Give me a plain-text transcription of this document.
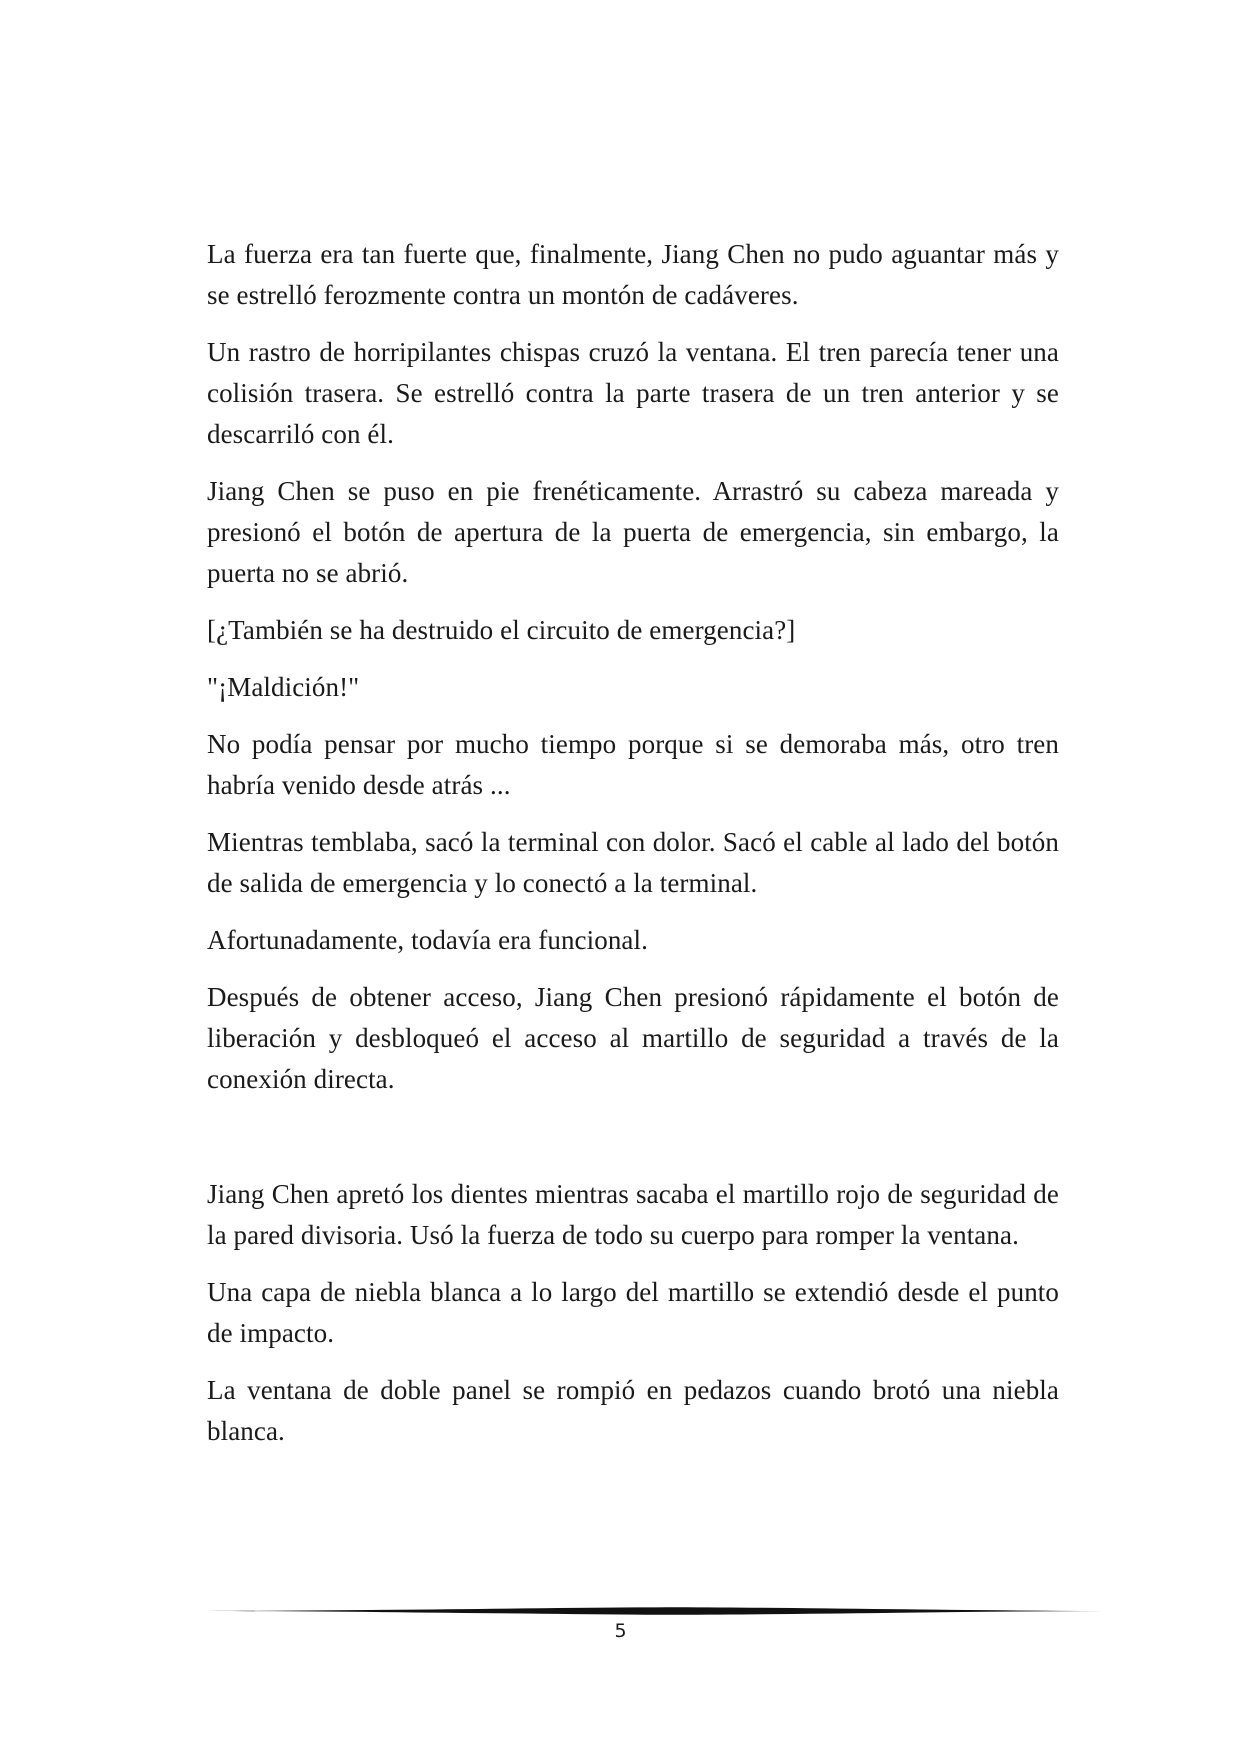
La fuerza era tan fuerte que, finalmente, Jiang Chen no pudo aguantar más y se estrelló ferozmente contra un montón de cadáveres.

Un rastro de horripilantes chispas cruzó la ventana. El tren parecía tener una colisión trasera. Se estrelló contra la parte trasera de un tren anterior y se descarriló con él.

Jiang Chen se puso en pie frenéticamente. Arrastró su cabeza mareada y presionó el botón de apertura de la puerta de emergencia, sin embargo, la puerta no se abrió.

[¿También se ha destruido el circuito de emergencia?]

"¡Maldición!"

No podía pensar por mucho tiempo porque si se demoraba más, otro tren habría venido desde atrás ...

Mientras temblaba, sacó la terminal con dolor. Sacó el cable al lado del botón de salida de emergencia y lo conectó a la terminal.

Afortunadamente, todavía era funcional.

Después de obtener acceso, Jiang Chen presionó rápidamente el botón de liberación y desbloqueó el acceso al martillo de seguridad a través de la conexión directa.

Jiang Chen apretó los dientes mientras sacaba el martillo rojo de seguridad de la pared divisoria. Usó la fuerza de todo su cuerpo para romper la ventana.

Una capa de niebla blanca a lo largo del martillo se extendió desde el punto de impacto.

La ventana de doble panel se rompió en pedazos cuando brotó una niebla blanca.

5
